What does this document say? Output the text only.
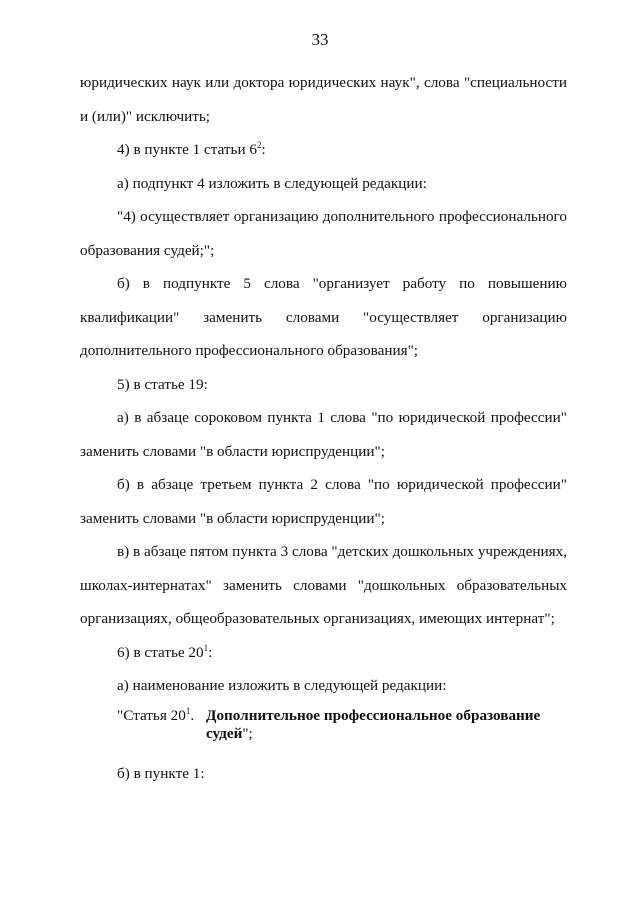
33
юридических наук или доктора юридических наук", слова "специальности
и (или)" исключить;
4) в пункте 1 статьи $6^2$:
а) подпункт 4 изложить в следующей редакции:
"4) осуществляет организацию дополнительного профессионального
образования судей;";
б) в подпункте 5 слова "организует работу по повышению
квалификации" заменить словами "осуществляет организацию
дополнительного профессионального образования";
5) в статье 19:
а) в абзаце сороковом пункта 1 слова "по юридической профессии"
заменить словами "в области юриспруденции";
б) в абзаце третьем пункта 2 слова "по юридической профессии"
заменить словами "в области юриспруденции";
в) в абзаце пятом пункта 3 слова "детских дошкольных учреждениях,
школах-интернатах" заменить словами "дошкольных образовательных
организациях, общеобразовательных организациях, имеющих интернат";
6) в статье $20^1$:
а) наименование изложить в следующей редакции:
"Статья $20^1$. Дополнительное профессиональное образование
судей";
б) в пункте 1:
